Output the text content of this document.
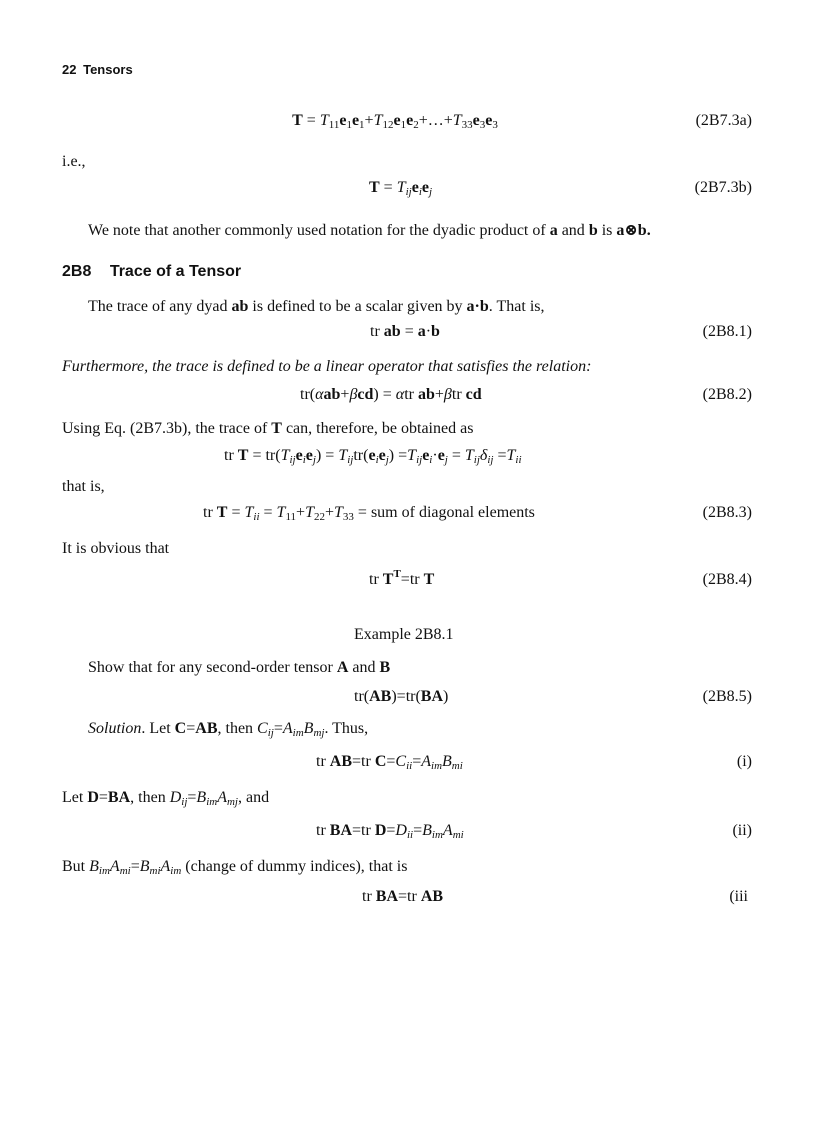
22 Tensors
$T = T_{11}e_1e_1+T_{12}e_1e_2+\dots+T_{33}e_3e_3$	(2B7.3a)
i.e.,
$T = T_{ij}e_ie_j$	(2B7.3b)
We note that another commonly used notation for the dyadic product of a and b is a⊗b.
2B8 Trace of a Tensor
The trace of any dyad ab is defined to be a scalar given by a·b. That is,
tr ab = a·b	(2B8.1)
Furthermore, the trace is defined to be a linear operator that satisfies the relation:
tr(αab+βcd) = αtr ab+βtr cd	(2B8.2)
Using Eq. (2B7.3b), the trace of T can, therefore, be obtained as
tr $T = tr(T_{ij}e_ie_j) = T_{ij}tr(e_ie_j) =T_{ij}e_i\cdot e_j = T_{ij}\delta_{ij} =T_{ii}$
that is,
tr $T = T_{ii} = T_{11}+T_{22}+T_{33}$ = sum of diagonal elements	(2B8.3)
It is obvious that
tr $T^T=tr$ T	(2B8.4)
Example 2B8.1
Show that for any second-order tensor A and B
tr(AB)=tr(BA)	(2B8.5)
Solution. Let C=AB, then $C_{ij}=A_{im}B_{mj}$. Thus,
tr AB=tr $C=C_{ii}=A_{im}B_{mi}$	(i)
Let D=BA, then $D_{ij}=B_{im}A_{mj}$, and
tr BA=tr $D=D_{ii}=B_{im}A_{mi}$	(ii)
But $B_{im}A_{mi}=B_{mi}A_{im}$ (change of dummy indices), that is
tr BA=tr AB	(iii
